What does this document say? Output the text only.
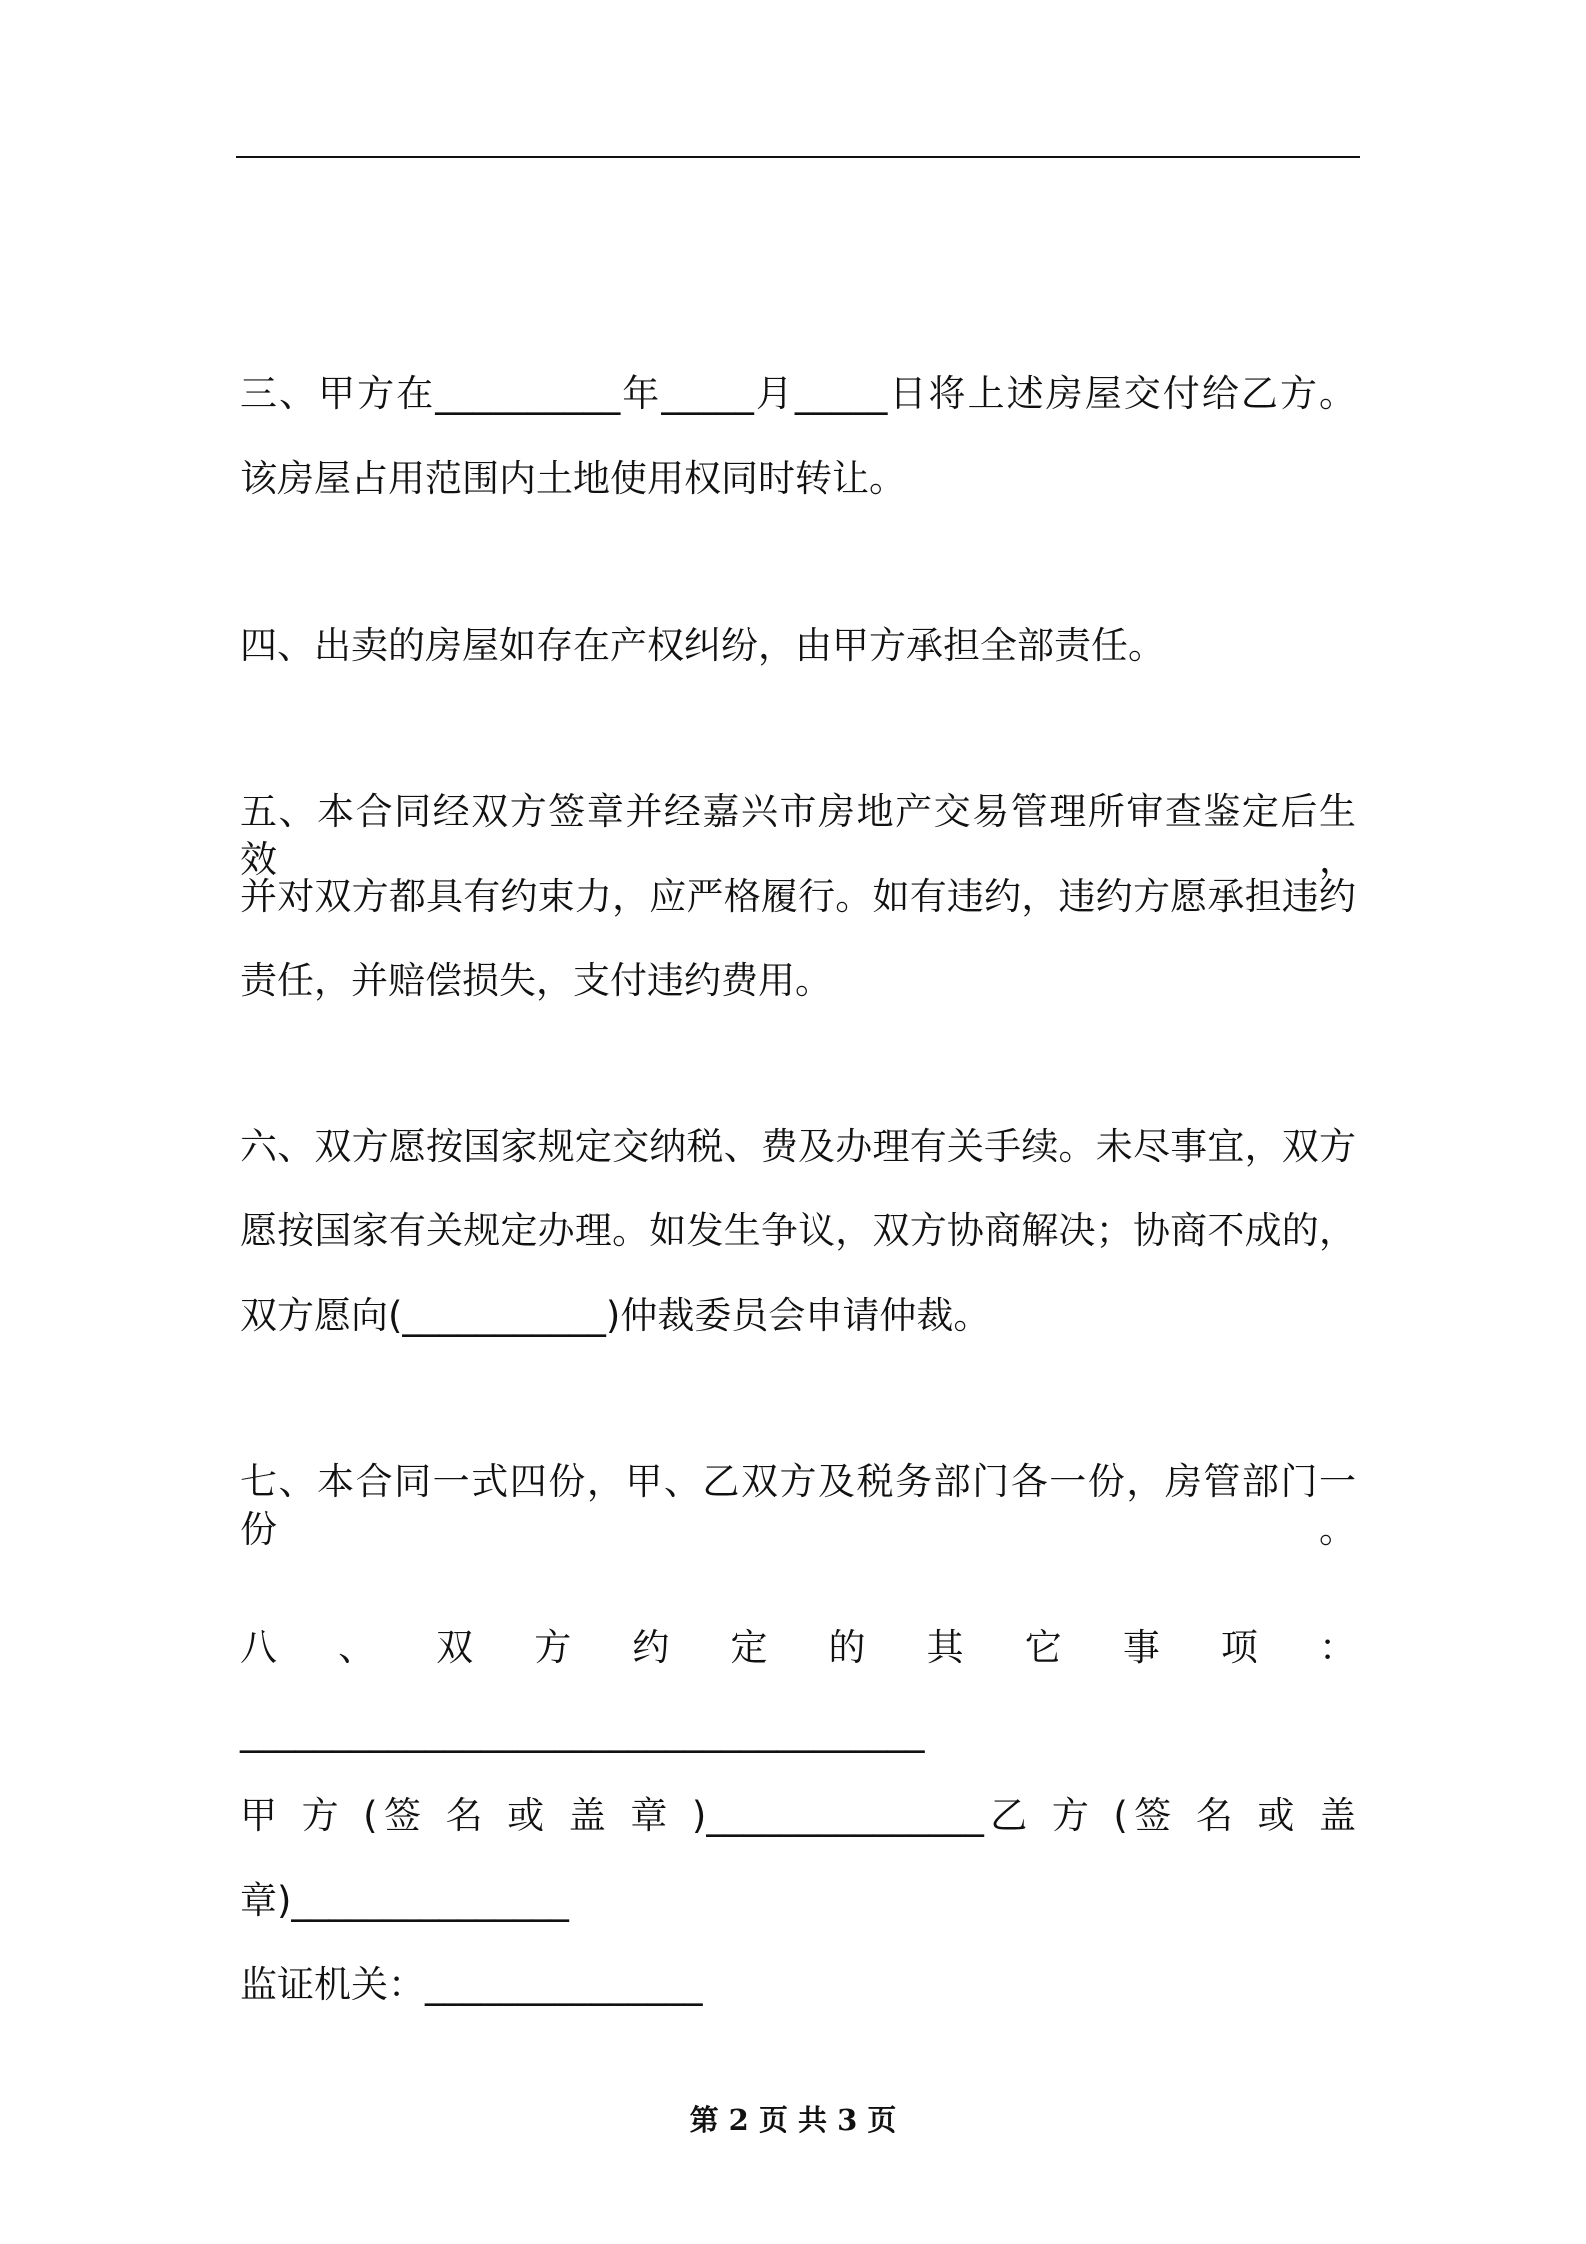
三、甲方在__________年_____月_____日将上述房屋交付给乙方。

该房屋占用范围内土地使用权同时转让。

四、出卖的房屋如存在产权纠纷，由甲方承担全部责任。

五、本合同经双方签章并经嘉兴市房地产交易管理所审查鉴定后生效，

并对双方都具有约束力，应严格履行。如有违约，违约方愿承担违约

责任，并赔偿损失，支付违约费用。

六、双方愿按国家规定交纳税、费及办理有关手续。未尽事宜，双方

愿按国家有关规定办理。如发生争议，双方协商解决；协商不成的，

双方愿向(___________)仲裁委员会申请仲裁。

七、本合同一式四份，甲、乙双方及税务部门各一份，房管部门一份。

八 、 双 方 约 定 的 其 它 事 项 ：

_____________________________________

甲 方 (签 名 或 盖 章 )_______________乙 方 (签 名 或 盖

章)_______________

监证机关：_______________

第 2 页 共 3 页
